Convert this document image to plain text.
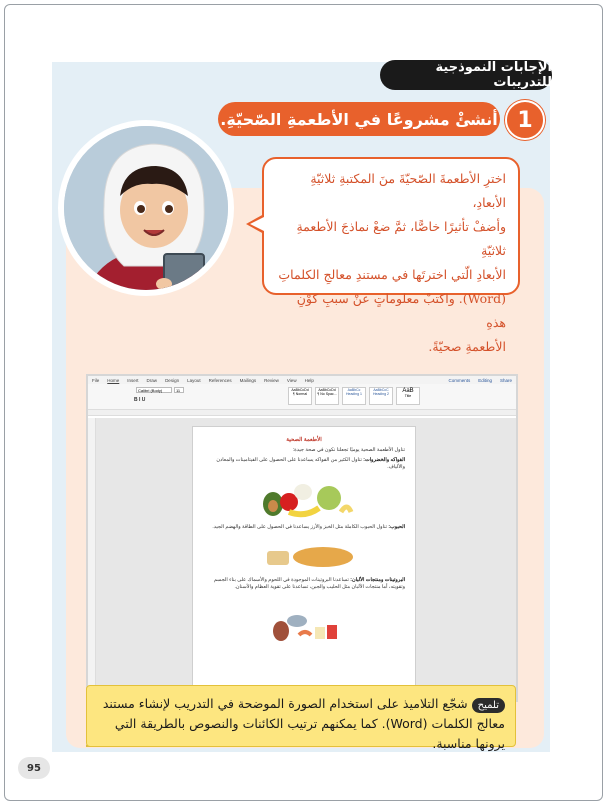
الإجابات النموذجية للتدريبات
أنشئْ مشروعًا في الأطعمةِ الصّحيّةِ. 1
اخترِ الأطعمةَ الصّحيّةَ منَ المكتبةِ ثلاثيّةِ الأبعادِ،
وأضفْ تأثيرًا خاصًّا، ثمَّ ضعْ نماذجَ الأطعمةِ ثلاثيّةِ
الأبعادِ الّتي اخترتَها في مستندِ معالجِ الكلماتِ
(Word). واكتبْ معلوماتٍ عنْ سببِ كوْنِ هذهِ
الأطعمةِ صحيّةً.
File Home Insert Draw Design Layout References Mailings Review View Help	Comments Editing Share
Calibri (Body)	11
B I U
AaBbCcDd
¶ Normal
AaBbCcDd
¶ No Spac...
AaBbCc
Heading 1
AaBbCcC
Heading 2	AaB
Title
الأطعمة الصحية
تناول الأطعمة الصحية يوميًا تجعلنا نكون في صحة جيدة:
الفواكه والخضروات: تناول الكثير من الفواكه يساعدنا على الحصول على الفيتامينات والمعادن والألياف.
الحبوب: تناول الحبوب الكاملة مثل الخبز والأرز يساعدنا في الحصول على الطاقة والهضم الجيد.
البروتينات ومنتجات الألبان: تساعدنا البروتينات الموجودة في اللحوم والأسماك على بناء الجسم وتقويته، أما منتجات الألبان مثل الحليب والجبن، تساعدنا على تقوية العظام والأسنان.
تلميحشجّع التلاميذ على استخدام الصورة الموضحة في التدريب لإنشاء مستند معالج الكلمات (Word). كما يمكنهم ترتيب الكائنات والنصوص بالطريقة التي يرونها مناسبة.
95
